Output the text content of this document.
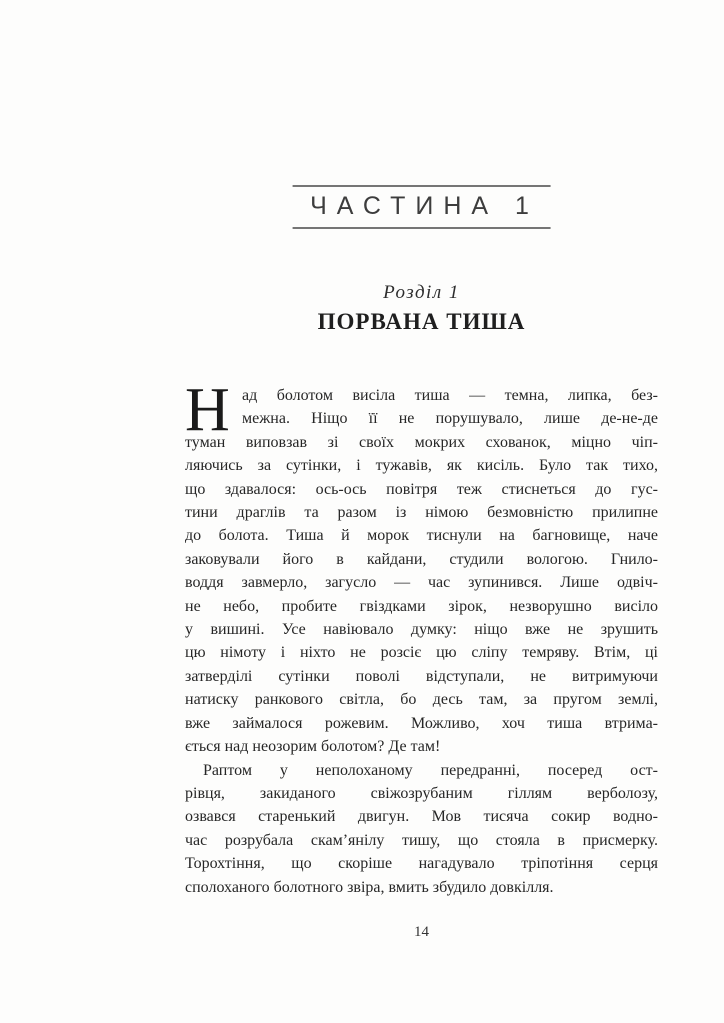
ЧАСТИНА 1
Розділ 1
ПОРВАНА ТИША
Н ад болотом висіла тиша — темна, липка, без-
межна. Ніщо її не порушувало, лише де-не-де
туман виповзав зі своїх мокрих схованок, міцно чіп-
ляючись за сутінки, і тужавів, як кисіль. Було так тихо,
що здавалося: ось-ось повітря теж стиснеться до гус-
тини драглів та разом із німою безмовністю прилипне
до болота. Тиша й морок тиснули на багновище, наче
заковували його в кайдани, студили вологою. Гнило-
воддя завмерло, загусло — час зупинився. Лише одвіч-
не небо, пробите гвіздками зірок, незворушно висіло
у вишині. Усе навіювало думку: ніщо вже не зрушить
цю німоту і ніхто не розсіє цю сліпу темряву. Втім, ці
затверділі сутінки поволі відступали, не витримуючи
натиску ранкового світла, бо десь там, за пругом землі,
вже займалося рожевим. Можливо, хоч тиша втрима-
ється над неозорим болотом? Де там!
Раптом у неполоханому передранні, посеред ост-
рівця, закиданого свіжозрубаним гіллям верболозу,
озвався старенький двигун. Мов тисяча сокир водно-
час розрубала скам’янілу тишу, що стояла в присмерку.
Торохтіння, що скоріше нагадувало тріпотіння серця
сполоханого болотного звіра, вмить збудило довкілля.
14
